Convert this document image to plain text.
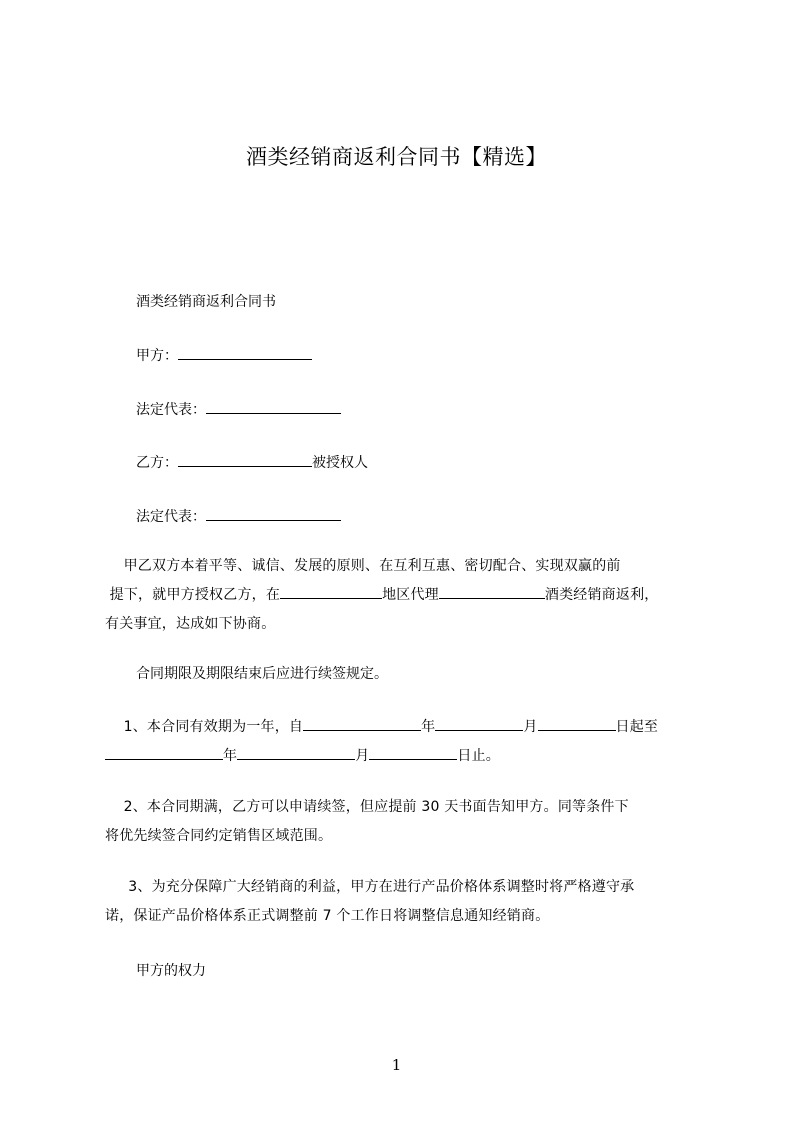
酒类经销商返利合同书【精选】
酒类经销商返利合同书
甲方：
法定代表：
乙方：	被授权人
法定代表：
甲乙双方本着平等、诚信、发展的原则、在互利互惠、密切配合、实现双赢的前
提下，就甲方授权乙方，在	地区代理	酒类经销商返利，
有关事宜，达成如下协商。
合同期限及期限结束后应进行续签规定。
1、本合同有效期为一年，自	年	月	日起至
年	月	日止。
2、本合同期满，乙方可以申请续签，但应提前 30 天书面告知甲方。同等条件下
将优先续签合同约定销售区域范围。
3、为充分保障广大经销商的利益，甲方在进行产品价格体系调整时将严格遵守承
诺，保证产品价格体系正式调整前 7 个工作日将调整信息通知经销商。
甲方的权力
1
